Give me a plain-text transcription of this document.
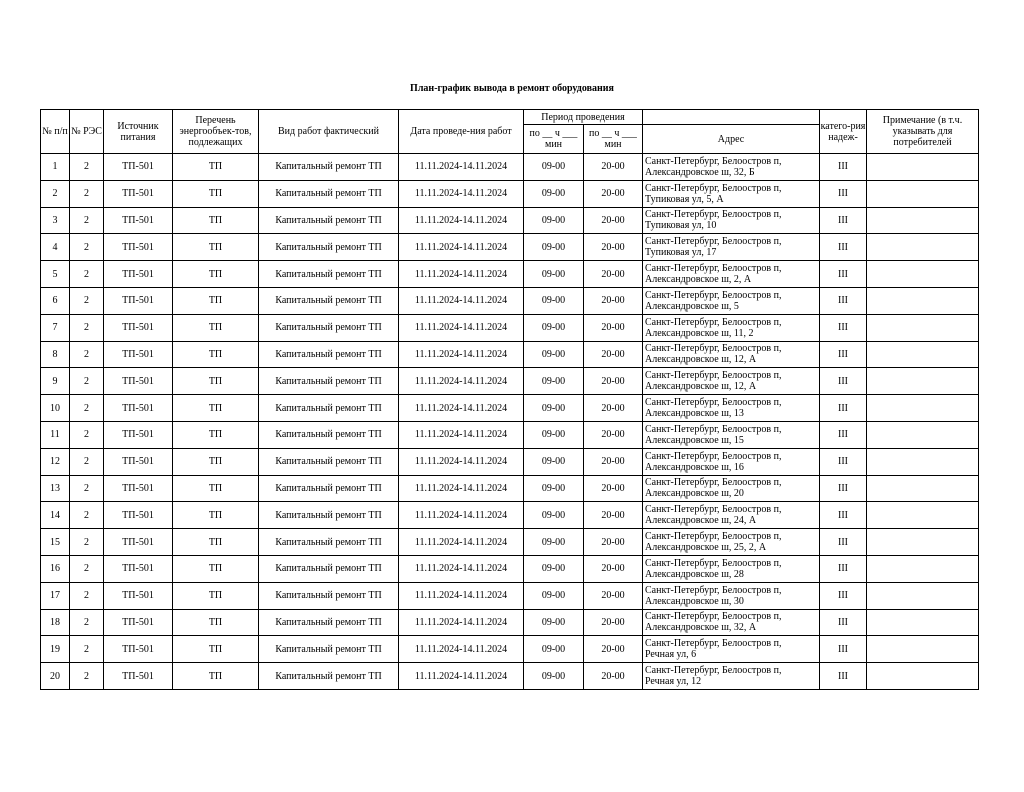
План-график вывода в ремонт оборудования
№ п/п	№ РЭС	Источник питания	Перечень энергообъек-тов, подлежащих	Вид работ фактический	Дата проведе-ния работ	Период проведения			катего-рия надеж-	Примечание (в т.ч. указывать для потребителей
						по __ ч ___ мин	по __ ч ___ мин	Адрес		
1	2	ТП-501	ТП	Капитальный ремонт ТП	11.11.2024-14.11.2024	09-00	20-00	Санкт-Петербург, Белоостров п,
Александровское ш, 32, Б	III	
2	2	ТП-501	ТП	Капитальный ремонт ТП	11.11.2024-14.11.2024	09-00	20-00	Санкт-Петербург, Белоостров п,
Тупиковая ул, 5, А	III	
3	2	ТП-501	ТП	Капитальный ремонт ТП	11.11.2024-14.11.2024	09-00	20-00	Санкт-Петербург, Белоостров п,
Тупиковая ул, 10	III	
4	2	ТП-501	ТП	Капитальный ремонт ТП	11.11.2024-14.11.2024	09-00	20-00	Санкт-Петербург, Белоостров п,
Тупиковая ул, 17	III	
5	2	ТП-501	ТП	Капитальный ремонт ТП	11.11.2024-14.11.2024	09-00	20-00	Санкт-Петербург, Белоостров п,
Александровское ш, 2, А	III	
6	2	ТП-501	ТП	Капитальный ремонт ТП	11.11.2024-14.11.2024	09-00	20-00	Санкт-Петербург, Белоостров п,
Александровское ш, 5	III	
7	2	ТП-501	ТП	Капитальный ремонт ТП	11.11.2024-14.11.2024	09-00	20-00	Санкт-Петербург, Белоостров п,
Александровское ш, 11, 2	III	
8	2	ТП-501	ТП	Капитальный ремонт ТП	11.11.2024-14.11.2024	09-00	20-00	Санкт-Петербург, Белоостров п,
Александровское ш, 12, А	III	
9	2	ТП-501	ТП	Капитальный ремонт ТП	11.11.2024-14.11.2024	09-00	20-00	Санкт-Петербург, Белоостров п,
Александровское ш, 12, А	III	
10	2	ТП-501	ТП	Капитальный ремонт ТП	11.11.2024-14.11.2024	09-00	20-00	Санкт-Петербург, Белоостров п,
Александровское ш, 13	III	
11	2	ТП-501	ТП	Капитальный ремонт ТП	11.11.2024-14.11.2024	09-00	20-00	Санкт-Петербург, Белоостров п,
Александровское ш, 15	III	
12	2	ТП-501	ТП	Капитальный ремонт ТП	11.11.2024-14.11.2024	09-00	20-00	Санкт-Петербург, Белоостров п,
Александровское ш, 16	III	
13	2	ТП-501	ТП	Капитальный ремонт ТП	11.11.2024-14.11.2024	09-00	20-00	Санкт-Петербург, Белоостров п,
Александровское ш, 20	III	
14	2	ТП-501	ТП	Капитальный ремонт ТП	11.11.2024-14.11.2024	09-00	20-00	Санкт-Петербург, Белоостров п,
Александровское ш, 24, А	III	
15	2	ТП-501	ТП	Капитальный ремонт ТП	11.11.2024-14.11.2024	09-00	20-00	Санкт-Петербург, Белоостров п,
Александровское ш, 25, 2, А	III	
16	2	ТП-501	ТП	Капитальный ремонт ТП	11.11.2024-14.11.2024	09-00	20-00	Санкт-Петербург, Белоостров п,
Александровское ш, 28	III	
17	2	ТП-501	ТП	Капитальный ремонт ТП	11.11.2024-14.11.2024	09-00	20-00	Санкт-Петербург, Белоостров п,
Александровское ш, 30	III	
18	2	ТП-501	ТП	Капитальный ремонт ТП	11.11.2024-14.11.2024	09-00	20-00	Санкт-Петербург, Белоостров п,
Александровское ш, 32, А	III	
19	2	ТП-501	ТП	Капитальный ремонт ТП	11.11.2024-14.11.2024	09-00	20-00	Санкт-Петербург, Белоостров п,
Речная ул, 6	III	
20	2	ТП-501	ТП	Капитальный ремонт ТП	11.11.2024-14.11.2024	09-00	20-00	Санкт-Петербург, Белоостров п,
Речная ул, 12	III	
